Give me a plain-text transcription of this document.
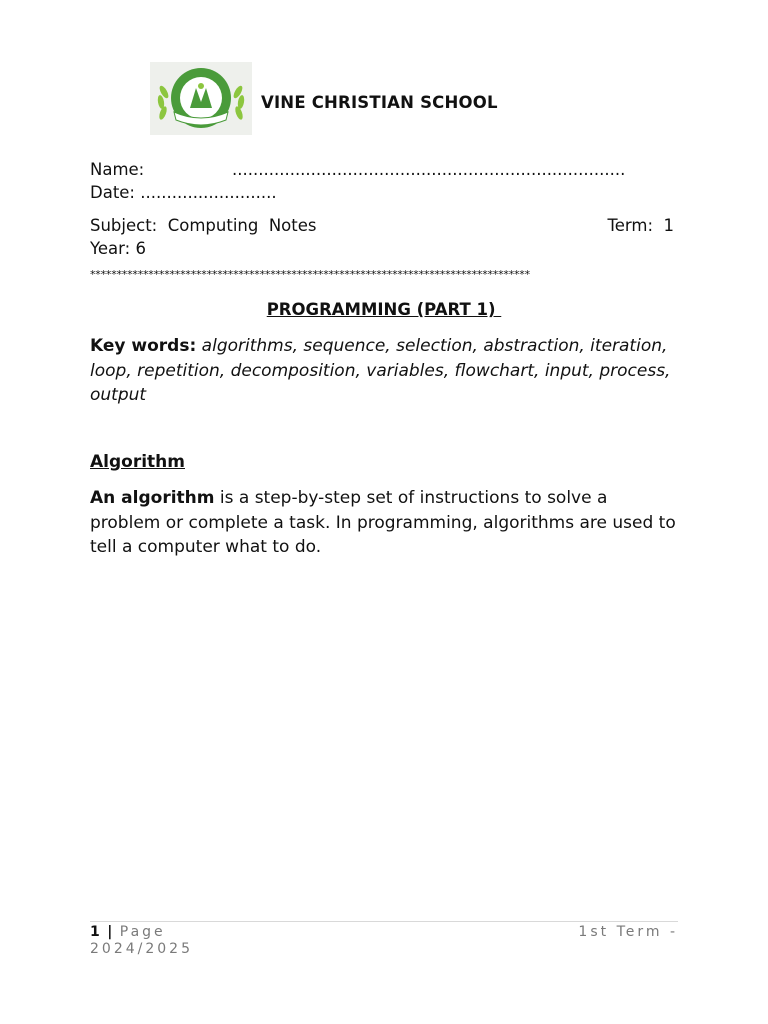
VINE CHRISTIAN SCHOOL
Name:	...........................................................................
Date: ..........................
Subject:  Computing  Notes	Term:  1
Year: 6
***********************************************************************************
PROGRAMMING (PART 1)
Key words: algorithms, sequence, selection, abstraction, iteration, loop, repetition, decomposition, variables, flowchart, input, process, output
Algorithm
An algorithm is a step-by-step set of instructions to solve a problem or complete a task. In programming, algorithms are used to tell a computer what to do.
1 | Page	1st Term -
2024/2025
